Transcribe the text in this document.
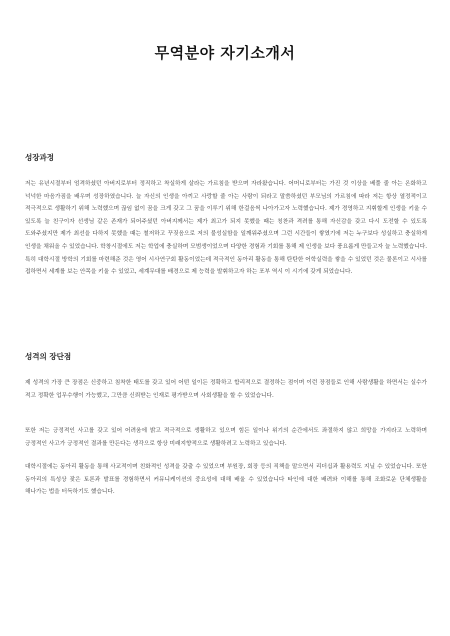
무역분야 자기소개서
성장과정

저는 유년시절부터 엄격하셨던 아버지로부터 정직하고 착실하게 살라는 가르침을 받으며 자라왔습니다. 어머니로부터는 가진 것 이상을 베풀 줄 아는 온화하고 넉넉한 마음가짐을 배우며 성장하였습니다. 늘 자신의 인생을 아끼고 사랑할 줄 아는 사람이 되라고 말씀하셨던 부모님의 가르침에 따라 저는 항상 열정적이고 적극적으로 생활하기 위해 노력했으며 끊임 없이 꿈을 크게 갖고 그 꿈을 이루기 위해 한걸음씩 나아가고자 노력했습니다. 제가 경영하고 지휘할게 인생을 키울 수 있도록 늘 친구이자 선생님 같은 존재가 되어주셨던 아버지께서는 제가 최고가 되지 못했을 때는 칭찬과 격려를 통해 자신감을 갖고 다시 도전할 수 있도록 도와주셨지만 제가 최선을 다하지 못했을 때는 철저하고 꾸짖음으로 저의 불성실함을 일깨워주셨으며 그런 시간들이 쌓였기에 저는 누구보다 성실하고 충실하게 인생을 채워올 수 있었습니다. 학창시절에도 저는 학업에 충실하며 모범생이었으며 다양한 경험과 기회를 통해 제 인생을 보다 풍요롭게 만들고자 늘 노력했습니다. 특히 대학시절 방학의 기회를 마련해준 것은 영어 시사연구회 활동이었는데 적극적인 동아리 활동을 통해 탄탄한 어학실력을 쌓을 수 있었던 것은 물론이고 시사를 접하면서 세계를 보는 안목을 키울 수 있었고, 세계무대를 배경으로 제 능력을 발휘하고자 하는 포부 역시 이 시기에 갖게 되었습니다.

성격의 장단점

제 성격의 가장 큰 장점은 신중하고 침착한 태도를 갖고 있어 어떤 일이든 정확하고 합리적으로 결정하는 점이며 이런 장점들로 인해 사람생활을 하면서는 실수가 적고 정확한 업무수행이 가능했고, 그만큼 신뢰받는 인재로 평가받으며 사회생활을 할 수 있었습니다.

또한 저는 긍정적인 사고를 갖고 있어 어려움에 밝고 적극적으로 생활하고 있으며 힘든 일이나 위기의 순간에서도 좌절하지 않고 희망을 가지라고 노력하며 긍정적인 사고가 긍정적인 결과를 만든다는 생각으로 항상 미래지향적으로 생활하려고 노력하고 있습니다.

대학시절에는 동아리 활동을 통해 사교적이며 친화적인 성격을 갖출 수 있었으며 부원장, 회장 등의 직책을 맡으면서 리더십과 활용력도 지닐 수 있었습니다. 또한 동아리의 특성상 잦은 토론과 발표를 경험하면서 커뮤니케이션의 중요성에 대해 배울 수 있었습니다 타인에 대한 배려와 이해를 통해 조화로운 단체생활을 해나가는 법을 터득하기도 했습니다.
